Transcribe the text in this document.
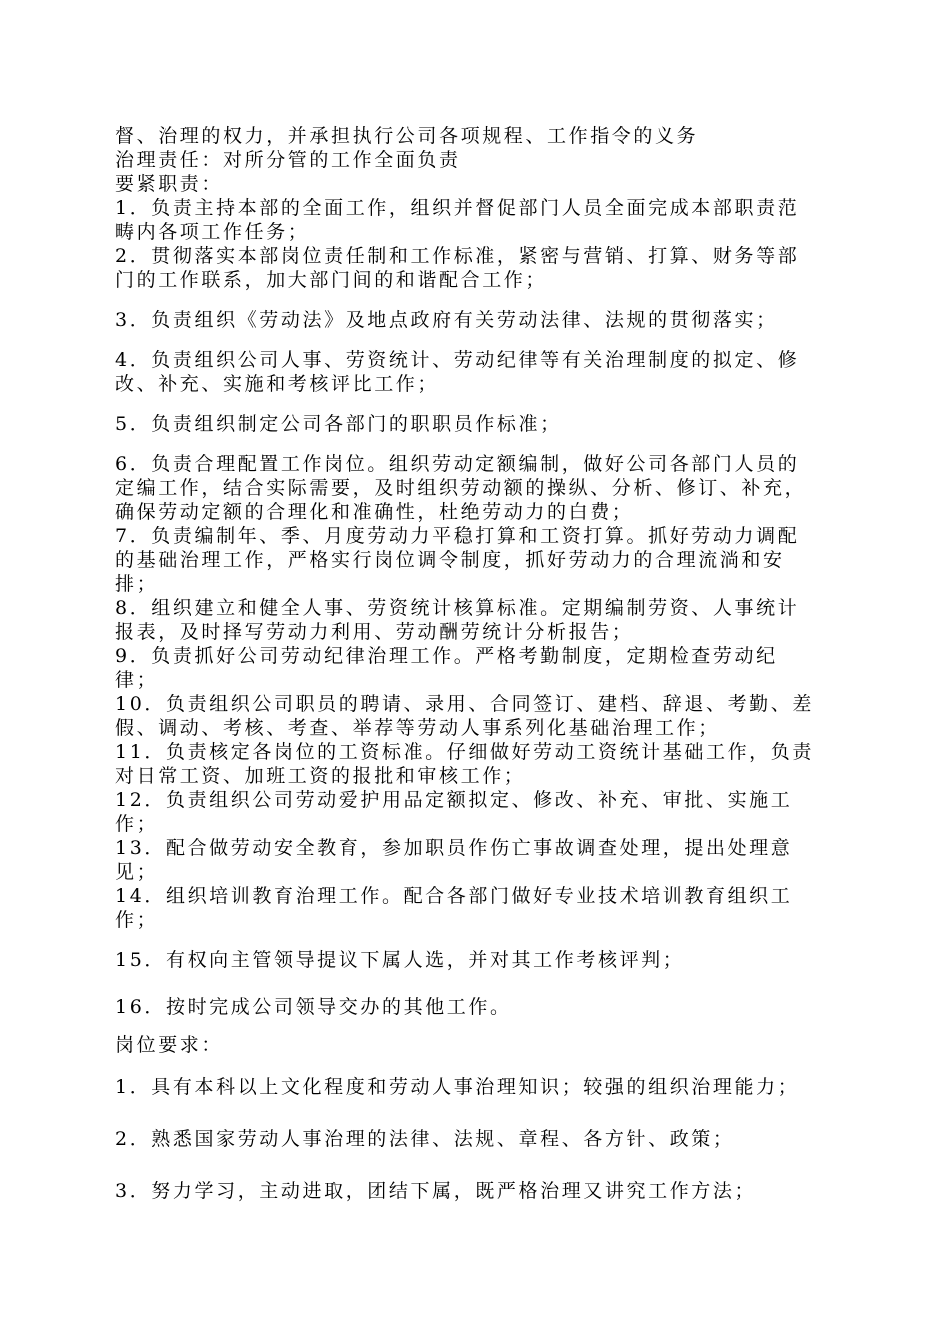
督、治理的权力，并承担执行公司各项规程、工作指令的义务
治理责任：对所分管的工作全面负责
要紧职责：
1．负责主持本部的全面工作，组织并督促部门人员全面完成本部职责范
畴内各项工作任务；
2．贯彻落实本部岗位责任制和工作标准，紧密与营销、打算、财务等部
门的工作联系，加大部门间的和谐配合工作；
3．负责组织《劳动法》及地点政府有关劳动法律、法规的贯彻落实；
4．负责组织公司人事、劳资统计、劳动纪律等有关治理制度的拟定、修
改、补充、实施和考核评比工作；
5．负责组织制定公司各部门的职职员作标准；
6．负责合理配置工作岗位。组织劳动定额编制，做好公司各部门人员的
定编工作，结合实际需要，及时组织劳动额的操纵、分析、修订、补充，
确保劳动定额的合理化和准确性，杜绝劳动力的白费；
7．负责编制年、季、月度劳动力平稳打算和工资打算。抓好劳动力调配
的基础治理工作，严格实行岗位调令制度，抓好劳动力的合理流淌和安
排；
8．组织建立和健全人事、劳资统计核算标准。定期编制劳资、人事统计
报表，及时择写劳动力利用、劳动酬劳统计分析报告；
9．负责抓好公司劳动纪律治理工作。严格考勤制度，定期检查劳动纪
律；
10．负责组织公司职员的聘请、录用、合同签订、建档、辞退、考勤、差
假、调动、考核、考查、举荐等劳动人事系列化基础治理工作；
11．负责核定各岗位的工资标准。仔细做好劳动工资统计基础工作，负责
对日常工资、加班工资的报批和审核工作；
12．负责组织公司劳动爱护用品定额拟定、修改、补充、审批、实施工
作；
13．配合做劳动安全教育，参加职员作伤亡事故调查处理，提出处理意
见；
14．组织培训教育治理工作。配合各部门做好专业技术培训教育组织工
作；
15．有权向主管领导提议下属人选，并对其工作考核评判；
16．按时完成公司领导交办的其他工作。
岗位要求：
1．具有本科以上文化程度和劳动人事治理知识；较强的组织治理能力；
2．熟悉国家劳动人事治理的法律、法规、章程、各方针、政策；
3．努力学习，主动进取，团结下属，既严格治理又讲究工作方法；
